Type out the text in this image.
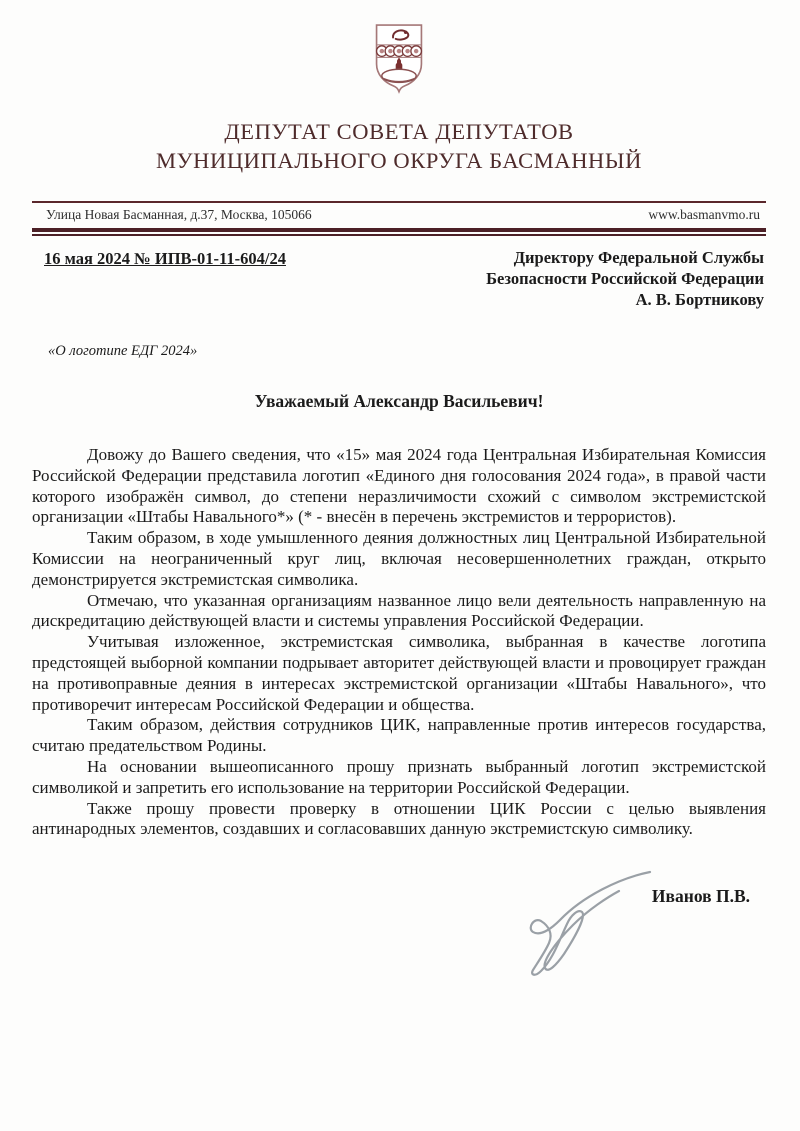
ДЕПУТАТ СОВЕТА ДЕПУТАТОВ
МУНИЦИПАЛЬНОГО ОКРУГА БАСМАННЫЙ
Улица Новая Басманная, д.37, Москва, 105066	www.basmanvmo.ru
16 мая 2024 № ИПВ-01-11-604/24	Директору Федеральной Службы
Безопасности Российской Федерации
А. В. Бортникову
«О логотипе ЕДГ 2024»
Уважаемый Александр Васильевич!

Довожу до Вашего сведения, что «15» мая 2024 года Центральная Избирательная Комиссия Российской Федерации представила логотип «Единого дня голосования 2024 года», в правой части которого изображён символ, до степени неразличимости схожий с символом экстремистской организации «Штабы Навального*» (* - внесён в перечень экстремистов и террористов).

Таким образом, в ходе умышленного деяния должностных лиц Центральной Избирательной Комиссии на неограниченный круг лиц, включая несовершеннолетних граждан, открыто демонстрируется экстремистская символика.

Отмечаю, что указанная организациям названное лицо вели деятельность направленную на дискредитацию действующей власти и системы управления Российской Федерации.

Учитывая изложенное, экстремистская символика, выбранная в качестве логотипа предстоящей выборной компании подрывает авторитет действующей власти и провоцирует граждан на противоправные деяния в интересах экстремистской организации «Штабы Навального», что противоречит интересам Российской Федерации и общества.

Таким образом, действия сотрудников ЦИК, направленные против интересов государства, считаю предательством Родины.

На основании вышеописанного прошу признать выбранный логотип экстремистской символикой и запретить его использование на территории Российской Федерации.

Также прошу провести проверку в отношении ЦИК России с целью выявления антинародных элементов, создавших и согласовавших данную экстремистскую символику.

Иванов П.В.
